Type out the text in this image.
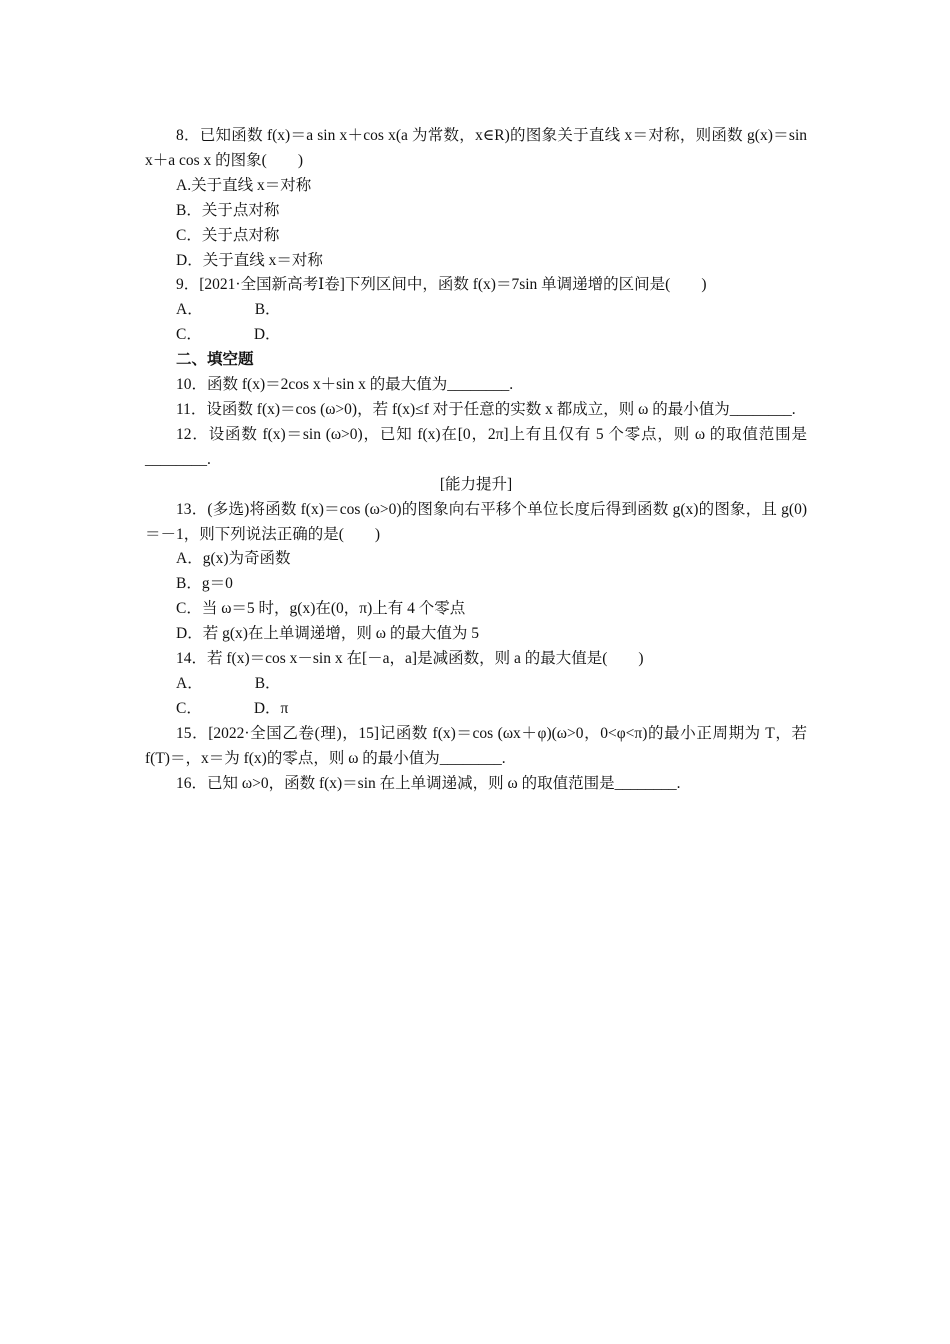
8．已知函数 f(x)＝a sin x＋cos x(a 为常数，x∈R)的图象关于直线 x＝对称，则函数 g(x)＝sin x＋a cos x 的图象(　　)
A.关于直线 x＝对称
B．关于点对称
C．关于点对称
D．关于直线 x＝对称
9．[2021·全国新高考Ⅰ卷]下列区间中，函数 f(x)＝7sin 单调递增的区间是(　　)
A．	B．
C．	D．
二、填空题
10．函数 f(x)＝2cos x＋sin x 的最大值为________.
11．设函数 f(x)＝cos (ω>0)，若 f(x)≤f 对于任意的实数 x 都成立，则 ω 的最小值为________.
12．设函数 f(x)＝sin (ω>0)，已知 f(x)在[0，2π]上有且仅有 5 个零点，则 ω 的取值范围是________.
[能力提升]
13．(多选)将函数 f(x)＝cos (ω>0)的图象向右平移个单位长度后得到函数 g(x)的图象，且 g(0)＝－1，则下列说法正确的是(　　)
A．g(x)为奇函数
B．g＝0
C．当 ω＝5 时，g(x)在(0，π)上有 4 个零点
D．若 g(x)在上单调递增，则 ω 的最大值为 5
14．若 f(x)＝cos x－sin x 在[－a，a]是减函数，则 a 的最大值是(　　)
A．	B．
C．	D．π
15．[2022·全国乙卷(理)，15]记函数 f(x)＝cos (ωx＋φ)(ω>0，0<φ<π)的最小正周期为 T，若 f(T)＝，x＝为 f(x)的零点，则 ω 的最小值为________.
16．已知 ω>0，函数 f(x)＝sin 在上单调递减，则 ω 的取值范围是________.
